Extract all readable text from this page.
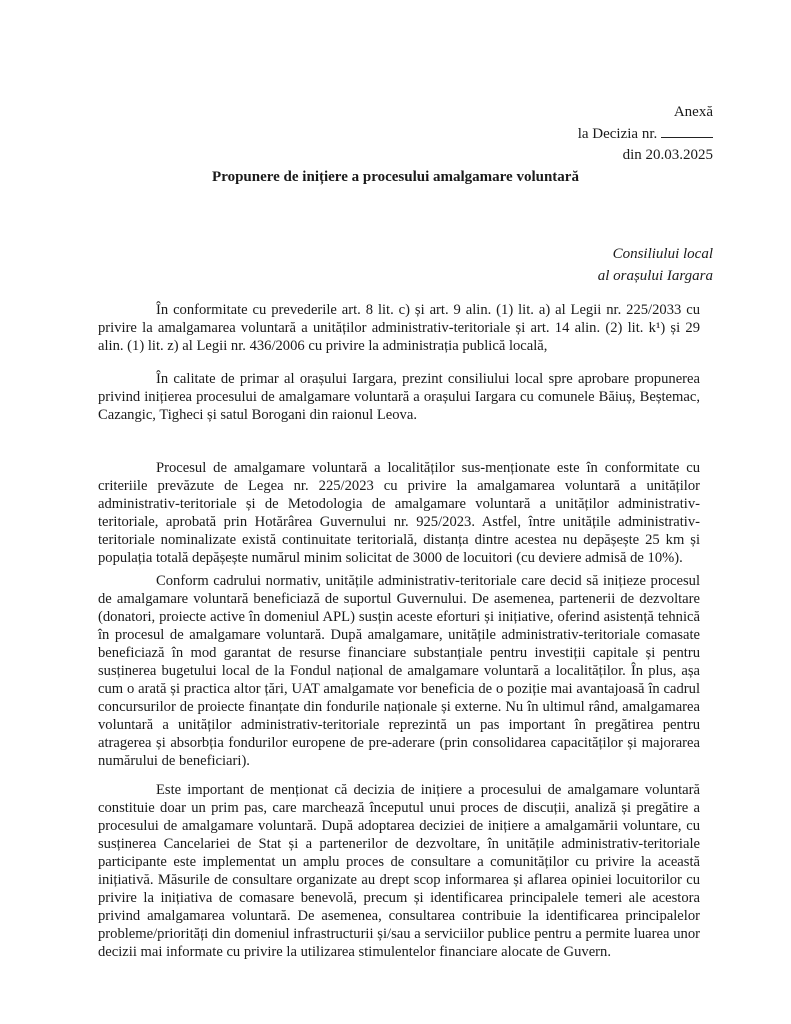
Anexă
la Decizia nr.
din 20.03.2025
Propunere de inițiere a procesului amalgamare voluntară
Consiliului local
al orașului Iargara

În conformitate cu prevederile art. 8 lit. c) și art. 9 alin. (1) lit. a) al Legii nr. 225/2033 cu privire la amalgamarea voluntară a unităților administrativ-teritoriale și art. 14 alin. (2) lit. k¹) și 29 alin. (1) lit. z) al Legii nr. 436/2006 cu privire la administrația publică locală,

În calitate de primar al orașului Iargara, prezint consiliului local spre aprobare propunerea privind inițierea procesului de amalgamare voluntară a orașului Iargara cu comunele Băiuș, Beștemac, Cazangic, Tigheci și satul Borogani din raionul Leova.

Procesul de amalgamare voluntară a localităților sus-menționate este în conformitate cu criteriile prevăzute de Legea nr. 225/2023 cu privire la amalgamarea voluntară a unităților administrativ-teritoriale și de Metodologia de amalgamare voluntară a unităților administrativ-teritoriale, aprobată prin Hotărârea Guvernului nr. 925/2023. Astfel, între unitățile administrativ-teritoriale nominalizate există continuitate teritorială, distanța dintre acestea nu depășește 25 km și populația totală depășește numărul minim solicitat de 3000 de locuitori (cu deviere admisă de 10%).

Conform cadrului normativ, unitățile administrativ-teritoriale care decid să inițieze procesul de amalgamare voluntară beneficiază de suportul Guvernului. De asemenea, partenerii de dezvoltare (donatori, proiecte active în domeniul APL) susțin aceste eforturi și inițiative, oferind asistență tehnică în procesul de amalgamare voluntară. După amalgamare, unitățile administrativ-teritoriale comasate beneficiază în mod garantat de resurse financiare substanțiale pentru investiții capitale și pentru susținerea bugetului local de la Fondul național de amalgamare voluntară a localităților. În plus, așa cum o arată și practica altor țări, UAT amalgamate vor beneficia de o poziție mai avantajoasă în cadrul concursurilor de proiecte finanțate din fondurile naționale și externe. Nu în ultimul rând, amalgamarea voluntară a unităților administrativ-teritoriale reprezintă un pas important în pregătirea pentru atragerea și absorbția fondurilor europene de pre-aderare (prin consolidarea capacităților și majorarea numărului de beneficiari).

Este important de menționat că decizia de inițiere a procesului de amalgamare voluntară constituie doar un prim pas, care marchează începutul unui proces de discuții, analiză și pregătire a procesului de amalgamare voluntară. După adoptarea deciziei de inițiere a amalgamării voluntare, cu susținerea Cancelariei de Stat și a partenerilor de dezvoltare, în unitățile administrativ-teritoriale participante este implementat un amplu proces de consultare a comunităților cu privire la această inițiativă. Măsurile de consultare organizate au drept scop informarea și aflarea opiniei locuitorilor cu privire la inițiativa de comasare benevolă, precum și identificarea principalele temeri ale acestora privind amalgamarea voluntară. De asemenea, consultarea contribuie la identificarea principalelor probleme/priorități din domeniul infrastructurii și/sau a serviciilor publice pentru a permite luarea unor decizii mai informate cu privire la utilizarea stimulentelor financiare alocate de Guvern.
